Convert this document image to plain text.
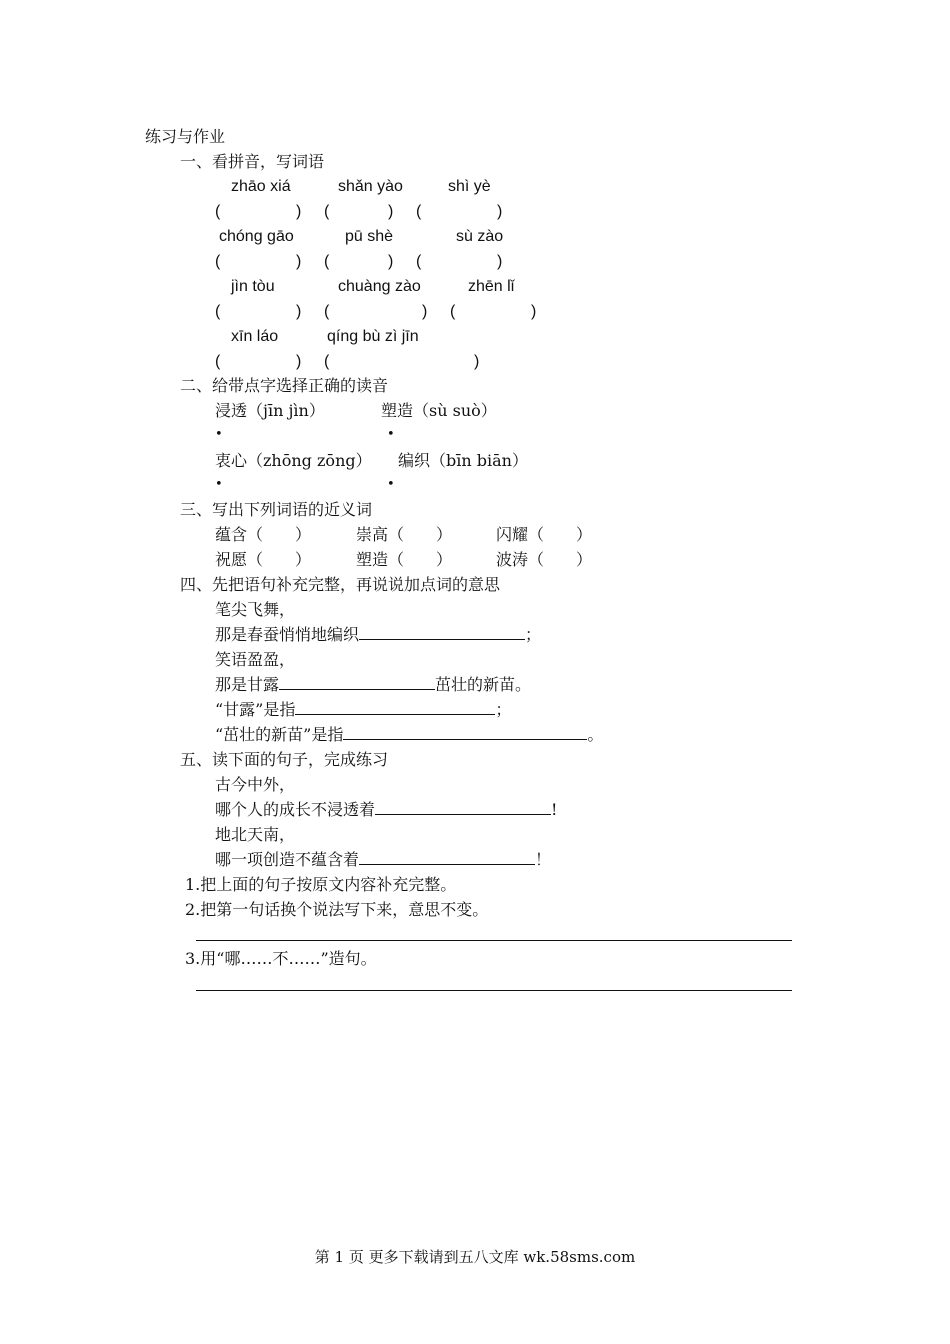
练习与作业
一、看拼音，写词语
zhāo xiá	shǎn yào	shì yè
(	) (	) (	)
chóng gāo	pū shè	sù zào
(	) (	) (	)
jìn tòu	chuàng zào	zhēn lǐ
(	) (	) (	)
xīn láo	qíng bù zì jīn
(	) (	)
二、给带点字选择正确的读音
浸透（jīn jìn）	塑造（sù suò）
•	•
衷心（zhōng zōng） 编织（bīn biān）
•	•
三、写出下列词语的近义词
蕴含（ ）	崇高（ ）	闪耀（ ）
祝愿（ ）	塑造（ ）	波涛（ ）
四、先把语句补充完整，再说说加点词的意思
笔尖飞舞，
那是春蚕悄悄地编织	；
笑语盈盈，
那是甘露	茁壮的新苗。
“甘露”是指	；
“茁壮的新苗”是指	。
五、读下面的句子，完成练习
古今中外，
哪个人的成长不浸透着	!
地北天南，
哪一项创造不蕴含着	！
1.把上面的句子按原文内容补充完整。
2.把第一句话换个说法写下来，意思不变。
3.用“哪……不……”造句。
第 1 页 更多下载请到五八文库 wk.58sms.com
